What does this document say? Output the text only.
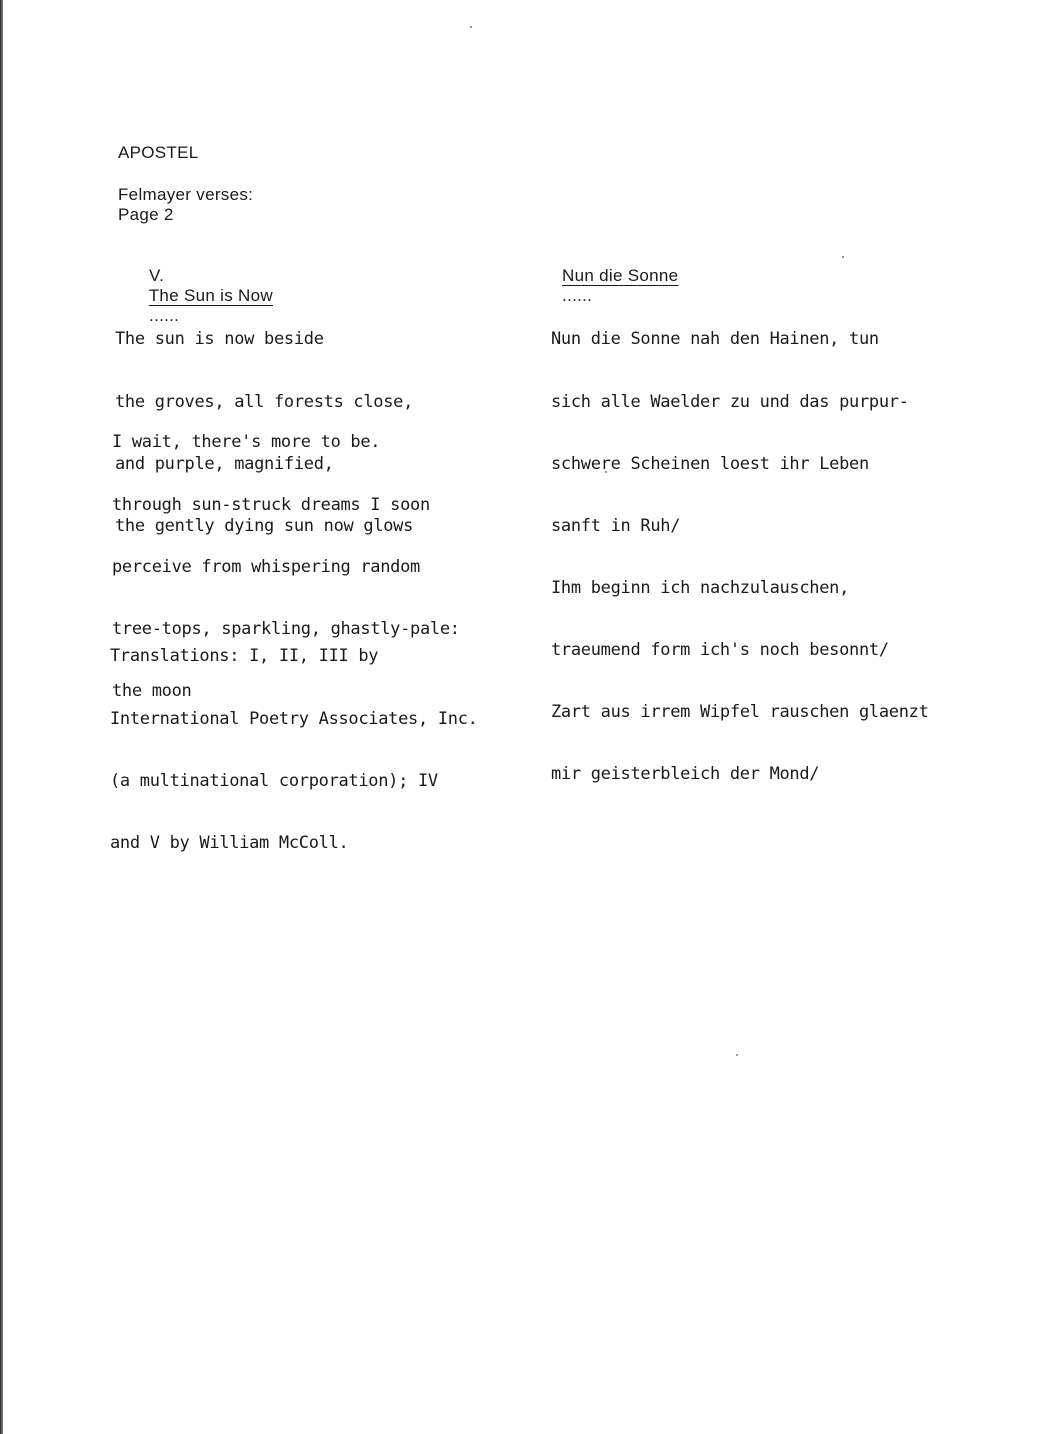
APOSTEL
Felmayer verses:
Page 2

V.
The Sun is Now
......

Nun die Sonne
......

The sun is now beside

the groves, all forests close,

and purple, magnified,

the gently dying sun now glows

I wait, there's more to be.

through sun-struck dreams I soon

perceive from whispering random

tree-tops, sparkling, ghastly-pale:

the moon

Nun die Sonne nah den Hainen, tun

sich alle Waelder zu und das purpur-

schwere Scheinen loest ihr Leben

sanft in Ruh/

Ihm beginn ich nachzulauschen,

traeumend form ich's noch besonnt/

Zart aus irrem Wipfel rauschen glaenzt

mir geisterbleich der Mond/

Translations: I, II, III by

International Poetry Associates, Inc.

(a multinational corporation); IV

and V by William McColl.
